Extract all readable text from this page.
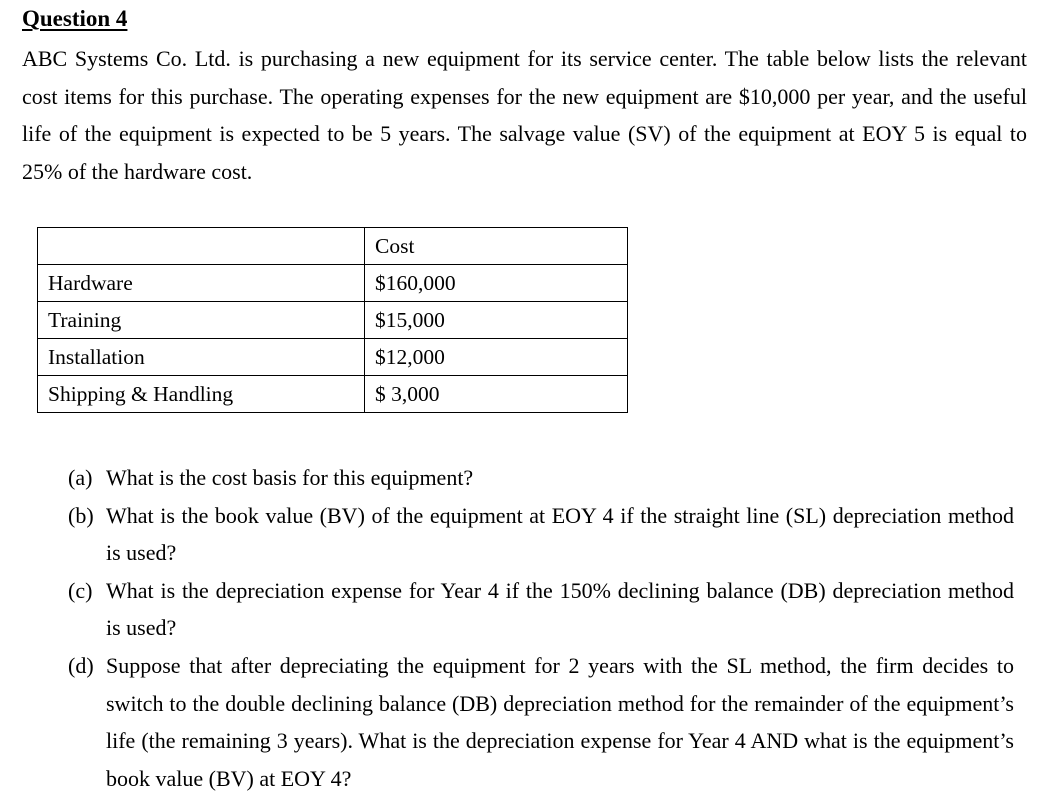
Question 4
ABC Systems Co. Ltd. is purchasing a new equipment for its service center. The table below lists the relevant cost items for this purchase. The operating expenses for the new equipment are $10,000 per year, and the useful life of the equipment is expected to be 5 years. The salvage value (SV) of the equipment at EOY 5 is equal to 25% of the hardware cost.
	Cost
Hardware	$160,000
Training	$15,000
Installation	$12,000
Shipping & Handling	$ 3,000
(a) What is the cost basis for this equipment?
(b) What is the book value (BV) of the equipment at EOY 4 if the straight line (SL) depreciation method is used?
(c) What is the depreciation expense for Year 4 if the 150% declining balance (DB) depreciation method is used?
(d) Suppose that after depreciating the equipment for 2 years with the SL method, the firm decides to switch to the double declining balance (DB) depreciation method for the remainder of the equipment’s life (the remaining 3 years). What is the depreciation expense for Year 4 AND what is the equipment’s book value (BV) at EOY 4?
